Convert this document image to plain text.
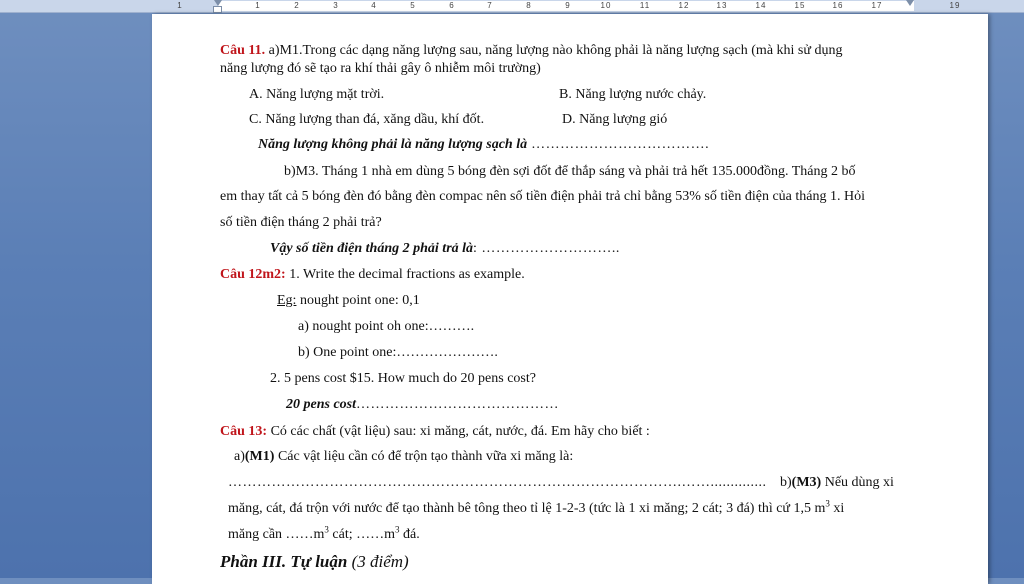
1	1	2	3	4	5	6	7	8	9	10	11	12	13	14	15	16	17	19
Câu 11. a)M1.Trong các dạng năng lượng sau, năng lượng nào không phải là năng lượng sạch (mà khi sử dụng
năng lượng đó sẽ tạo ra khí thải gây ô nhiễm môi trường)
A. Năng lượng mặt trời.	B. Năng lượng nước chảy.
C. Năng lượng than đá, xăng dầu, khí đốt.	D. Năng lượng gió
Năng lượng không phải là năng lượng sạch là ……………………………….
b)M3. Tháng 1 nhà em dùng 5 bóng đèn sợi đốt để thắp sáng và phải trả hết 135.000đồng. Tháng 2 bố
em thay tất cả 5 bóng đèn đó bằng đèn compac nên số tiền điện phải trả chỉ bằng 53% số tiền điện của tháng 1. Hỏi
số tiền điện tháng 2 phải trả?
Vậy số tiền điện tháng 2 phải trả là: ………………………..
Câu 12m2: 1. Write the decimal fractions as example.
Eg: nought point one: 0,1
a) nought point oh one:……….
b) One point one:………………….
2. 5 pens cost $15. How much do 20 pens cost?
20 pens cost……………………………………
Câu 13: Có các chất (vật liệu) sau: xi măng, cát, nước, đá. Em hãy cho biết :
a)(M1) Các vật liệu cần có để trộn tạo thành vữa xi măng là:
………………………………………………………………………………….…….............. b)(M3) Nếu dùng xi
măng, cát, đá trộn với nước để tạo thành bê tông theo tỉ lệ 1-2-3 (tức là 1 xi măng; 2 cát; 3 đá) thì cứ 1,5 $m^3$ xi
măng cần $\dots\dots m^3$ cát; $\dots\dots m^3$ đá.
Phần III. Tự luận (3 điểm)
